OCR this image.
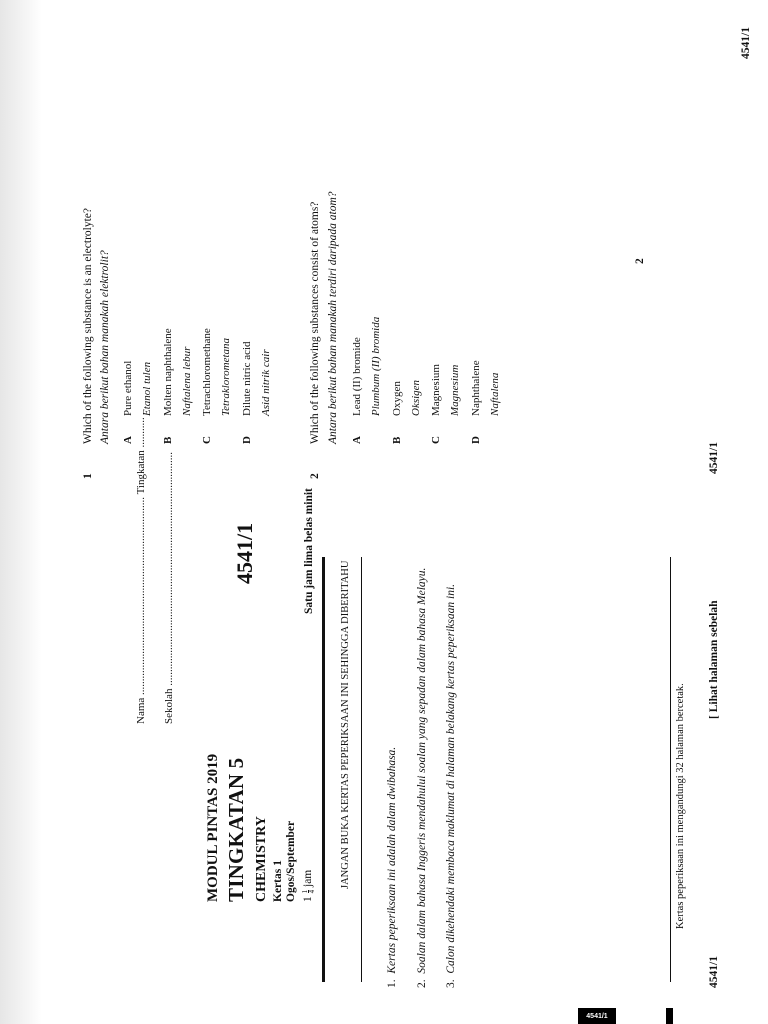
Nama ........................................................................ Tingkatan ........... Sekolah .....................................................................................
MODUL PINTAS 2019 TINGKATAN 5 CHEMISTRY Kertas 1 Ogos/September 1
1 4
jam
4541/1	Satu jam lima belas minit
JANGAN BUKA KERTAS PEPERIKSAAN INI SEHINGGA DIBERITAHU
1.  Kertas peperiksaan ini adalah dalam dwibahasa.
2.  Soalan dalam bahasa Inggeris mendahului soalan yang sepadan dalam bahasa Melayu.
3.  Calon dikehendaki membaca maklumat di halaman belakang kertas peperiksaan ini.	Kertas peperiksaan ini mengandungi 32 halaman bercetak.
4541/1
[ Lihat halaman sebelah
2
4541/1
4541/1
1
Which of the following substance is an electrolyte? Antara berikut bahan manakah elektrolit? A
Pure ethanol Etanol tulen
B
Molten naphthalene Naftalena lebur
C
Tetrachloromethane Tetraklorometana
D
Dilute nitric acid Asid nitrik cair
2
Which of the following substances consist of atoms? Antara berikut bahan manakah terdiri daripada atom? A
Lead (II) bromide Plumbum (II) bromida
B
Oxygen Oksigen
C
Magnesium Magnesium
D
Naphthalene Naftalena
4541/1
